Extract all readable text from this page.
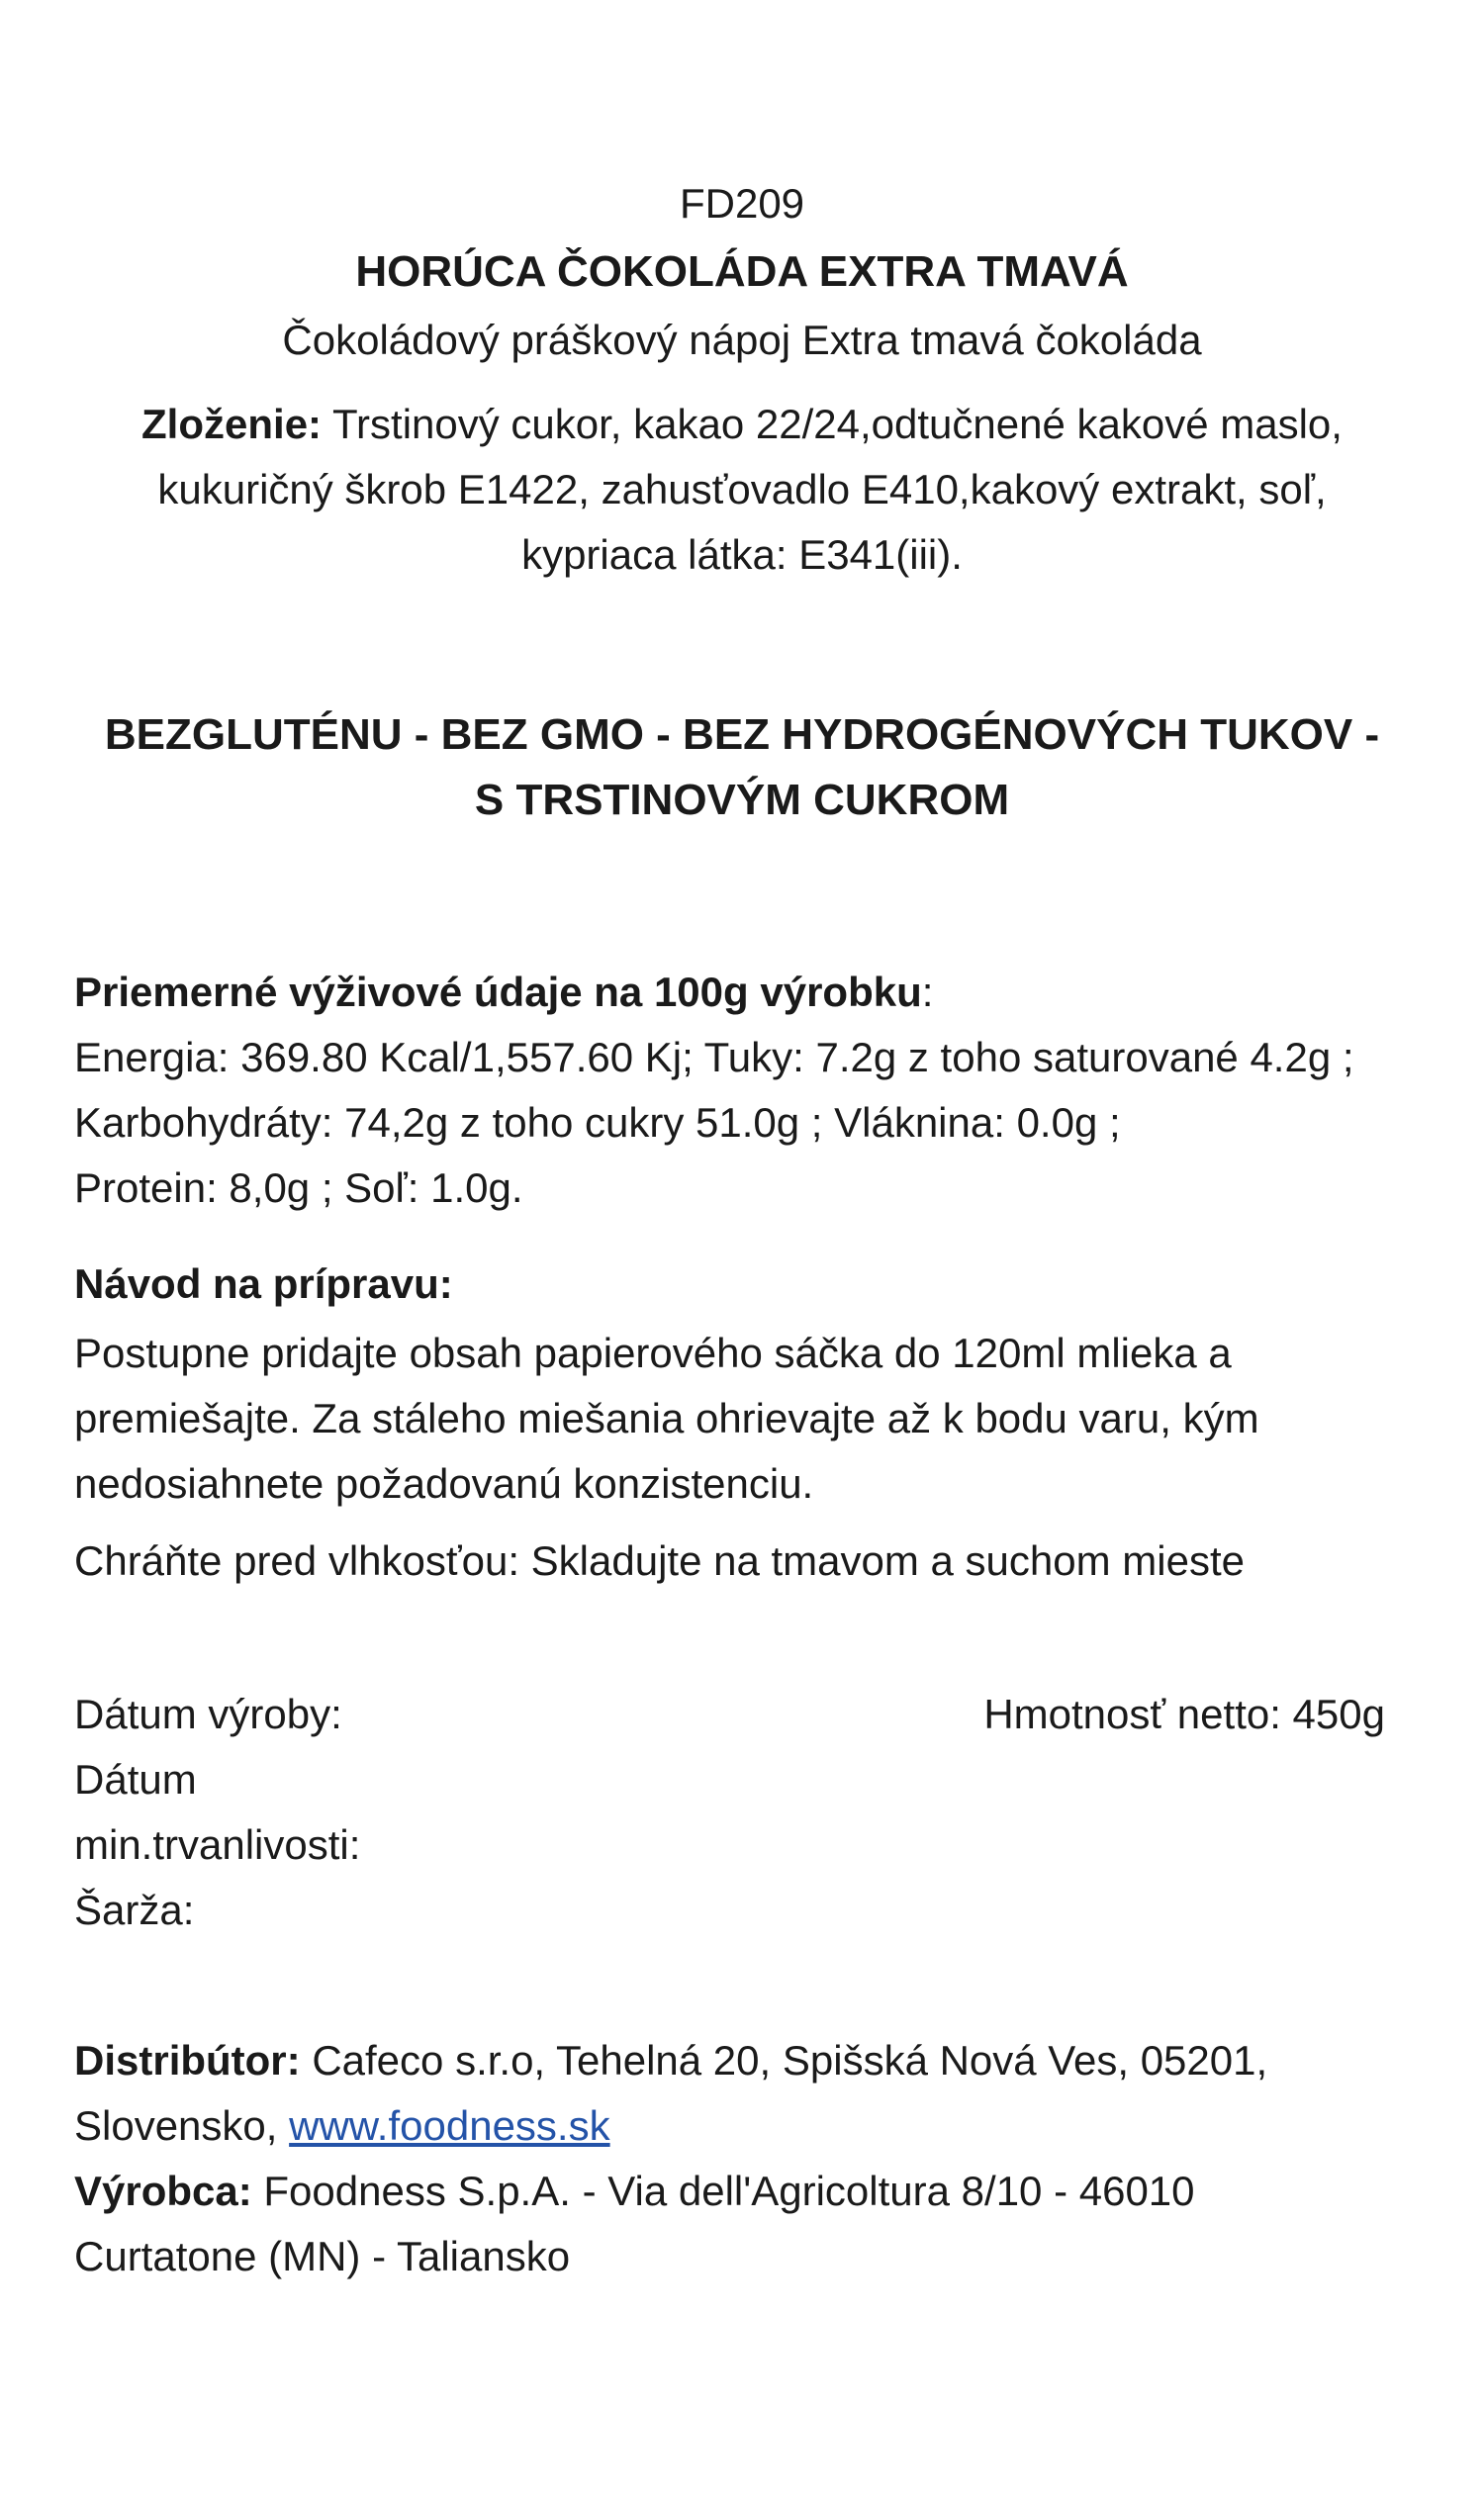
FD209
HORÚCA ČOKOLÁDA EXTRA TMAVÁ
Čokoládový práškový nápoj Extra tmavá čokoláda
Zloženie: Trstinový cukor, kakao 22/24,odtučnené kakové maslo, kukuričný škrob E1422, zahusťovadlo E410,kakový extrakt, soľ, kypriaca látka: E341(iii).
BEZGLUTÉNU - BEZ GMO - BEZ HYDROGÉNOVÝCH TUKOV - S TRSTINOVÝM CUKROM
Priemerné výživové údaje na 100g výrobku:
Energia: 369.80 Kcal/1,557.60 Kj; Tuky: 7.2g z toho saturované 4.2g ;
Karbohydráty: 74,2g z toho cukry 51.0g ; Vláknina: 0.0g ;
Protein: 8,0g ; Soľ: 1.0g.
Návod na prípravu:
Postupne pridajte obsah papierového sáčka do 120ml mlieka a
premiešajte. Za stáleho miešania ohrievajte až k bodu varu, kým
nedosiahnete požadovanú konzistenciu.
Chráňte pred vlhkosťou: Skladujte na tmavom a suchom mieste
Dátum výroby:
Dátum
min.trvanlivosti:
Šarža:
Hmotnosť netto: 450g
Distribútor: Cafeco s.r.o, Tehelná 20, Spišská Nová Ves, 05201,
Slovensko, www.foodness.sk
Výrobca: Foodness S.p.A. - Via dell'Agricoltura 8/10 - 46010
Curtatone (MN) - Taliansko
